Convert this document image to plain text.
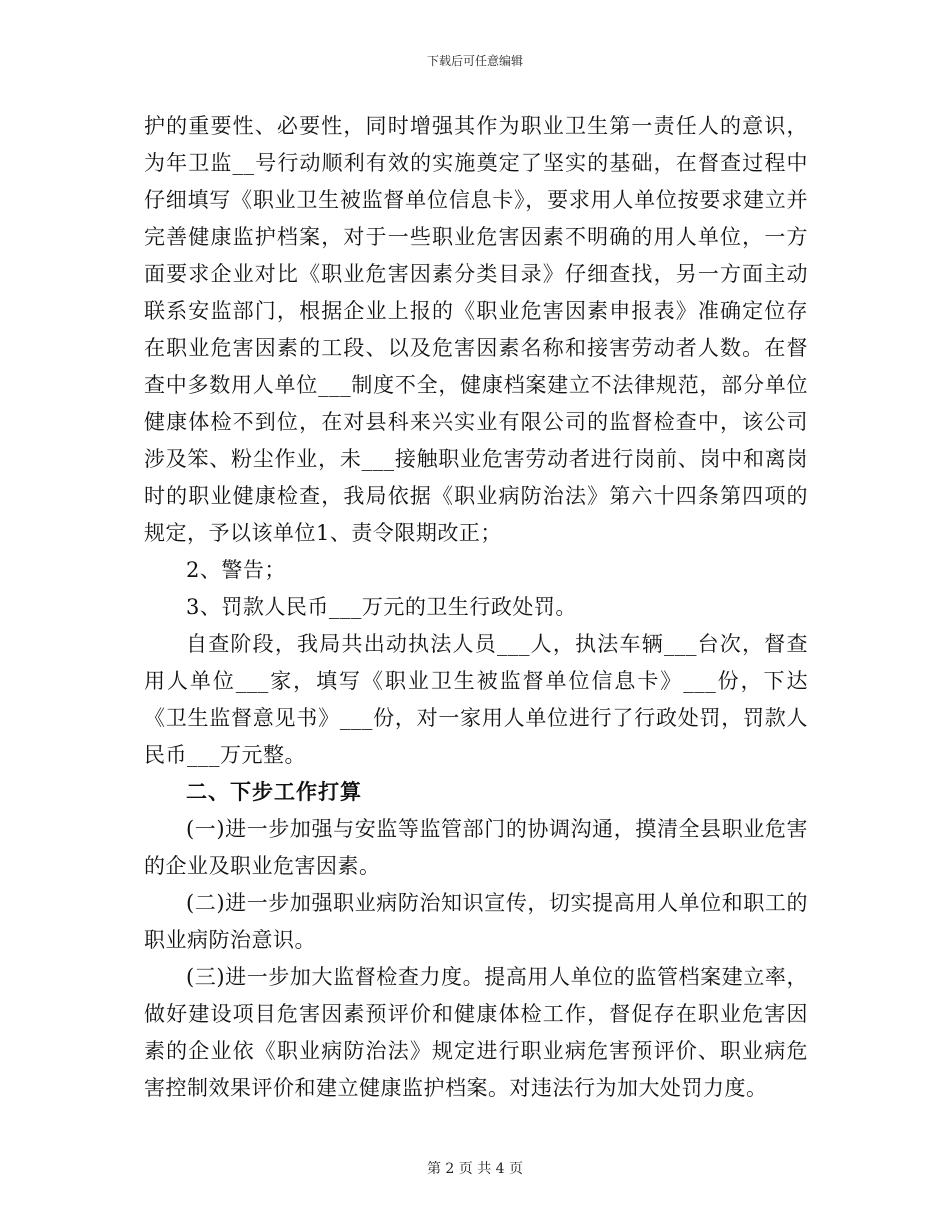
下载后可任意编辑

护的重要性、必要性，同时增强其作为职业卫生第一责任人的意识，为年卫监__号行动顺利有效的实施奠定了坚实的基础，在督查过程中仔细填写《职业卫生被监督单位信息卡》，要求用人单位按要求建立并完善健康监护档案，对于一些职业危害因素不明确的用人单位，一方面要求企业对比《职业危害因素分类目录》仔细查找，另一方面主动联系安监部门，根据企业上报的《职业危害因素申报表》准确定位存在职业危害因素的工段、以及危害因素名称和接害劳动者人数。在督查中多数用人单位___制度不全，健康档案建立不法律规范，部分单位健康体检不到位，在对县科来兴实业有限公司的监督检查中，该公司涉及笨、粉尘作业，未___接触职业危害劳动者进行岗前、岗中和离岗时的职业健康检查，我局依据《职业病防治法》第六十四条第四项的规定，予以该单位1、责令限期改正；

2、警告；

3、罚款人民币___万元的卫生行政处罚。

自查阶段，我局共出动执法人员___人，执法车辆___台次，督查用人单位___家，填写《职业卫生被监督单位信息卡》___份，下达《卫生监督意见书》___份，对一家用人单位进行了行政处罚，罚款人民币___万元整。

二、下步工作打算

(一)进一步加强与安监等监管部门的协调沟通，摸清全县职业危害的企业及职业危害因素。

(二)进一步加强职业病防治知识宣传，切实提高用人单位和职工的职业病防治意识。

(三)进一步加大监督检查力度。提高用人单位的监管档案建立率，做好建设项目危害因素预评价和健康体检工作，督促存在职业危害因素的企业依《职业病防治法》规定进行职业病危害预评价、职业病危害控制效果评价和建立健康监护档案。对违法行为加大处罚力度。

第 2 页 共 4 页
